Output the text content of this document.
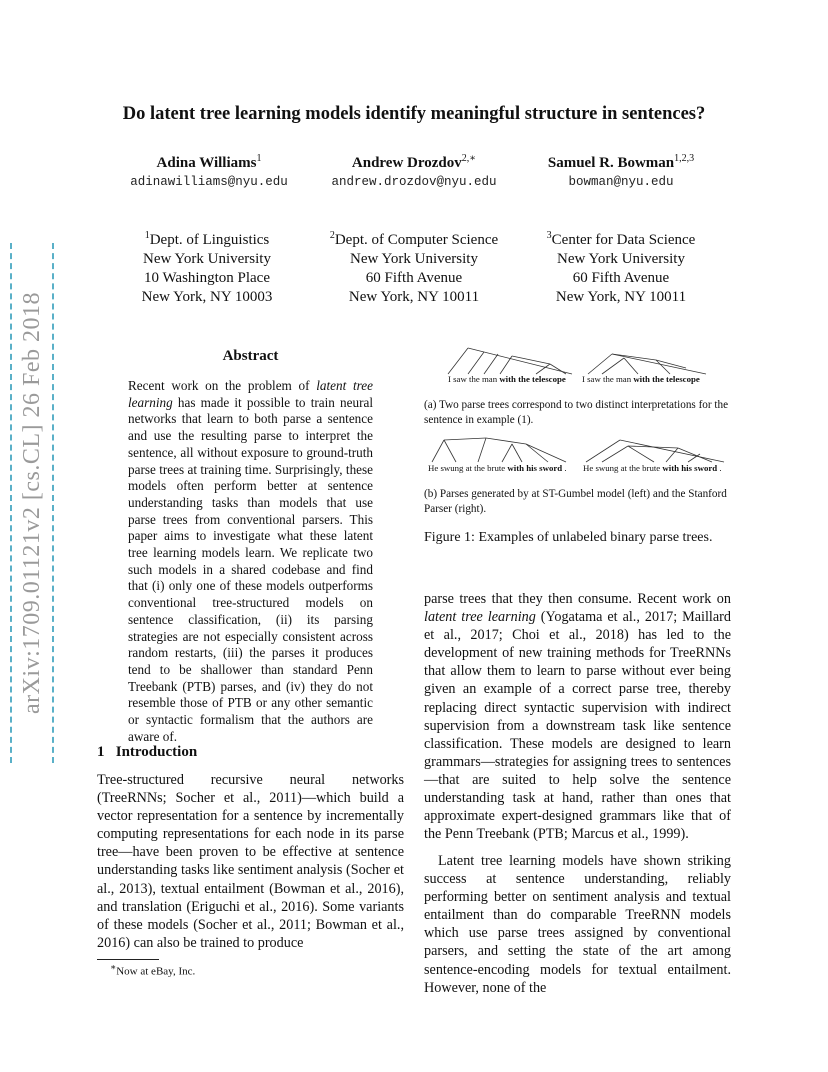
arXiv:1709.01121v2 [cs.CL] 26 Feb 2018
Do latent tree learning models identify meaningful structure in sentences?
Adina Williams$^1$
adinawilliams@nyu.edu
Andrew Drozdov$^{2,∗}$
andrew.drozdov@nyu.edu
Samuel R. Bowman$^{1,2,3}$
bowman@nyu.edu
$^1$Dept. of Linguistics
New York University
10 Washington Place
New York, NY 10003
$^2$Dept. of Computer Science
New York University
60 Fifth Avenue
New York, NY 10011
$^3$Center for Data Science
New York University
60 Fifth Avenue
New York, NY 10011
Abstract
Recent work on the problem of latent tree learning has made it possible to train neural networks that learn to both parse a sentence and use the resulting parse to interpret the sentence, all without exposure to ground-truth parse trees at training time. Surprisingly, these models often perform better at sentence understanding tasks than models that use parse trees from conventional parsers. This paper aims to investigate what these latent tree learning models learn. We replicate two such models in a shared codebase and find that (i) only one of these models outperforms conventional tree-structured models on sentence classification, (ii) its parsing strategies are not especially consistent across random restarts, (iii) the parses it produces tend to be shallower than standard Penn Treebank (PTB) parses, and (iv) they do not resemble those of PTB or any other semantic or syntactic formalism that the authors are aware of.
1 Introduction
Tree-structured recursive neural networks (TreeRNNs; Socher et al., 2011)—which build a vector representation for a sentence by incrementally computing representations for each node in its parse tree—have been proven to be effective at sentence understanding tasks like sentiment analysis (Socher et al., 2013), textual entailment (Bowman et al., 2016), and translation (Eriguchi et al., 2016). Some variants of these models (Socher et al., 2011; Bowman et al., 2016) can also be trained to produce
∗Now at eBay, Inc.
I saw the man with the telescope I saw the man with the telescope
(a) Two parse trees correspond to two distinct interpretations for the sentence in example (1).
He swung at the brute with his sword . He swung at the brute with his sword .
(b) Parses generated by at ST-Gumbel model (left) and the Stanford Parser (right).
Figure 1: Examples of unlabeled binary parse trees.
parse trees that they then consume. Recent work on latent tree learning (Yogatama et al., 2017; Maillard et al., 2017; Choi et al., 2018) has led to the development of new training methods for TreeRNNs that allow them to learn to parse without ever being given an example of a correct parse tree, thereby replacing direct syntactic supervision with indirect supervision from a downstream task like sentence classification. These models are designed to learn grammars—strategies for assigning trees to sentences—that are suited to help solve the sentence understanding task at hand, rather than ones that approximate expert-designed grammars like that of the Penn Treebank (PTB; Marcus et al., 1999).
Latent tree learning models have shown striking success at sentence understanding, reliably performing better on sentiment analysis and textual entailment than do comparable TreeRNN models which use parse trees assigned by conventional parsers, and setting the state of the art among sentence-encoding models for textual entailment. However, none of the
